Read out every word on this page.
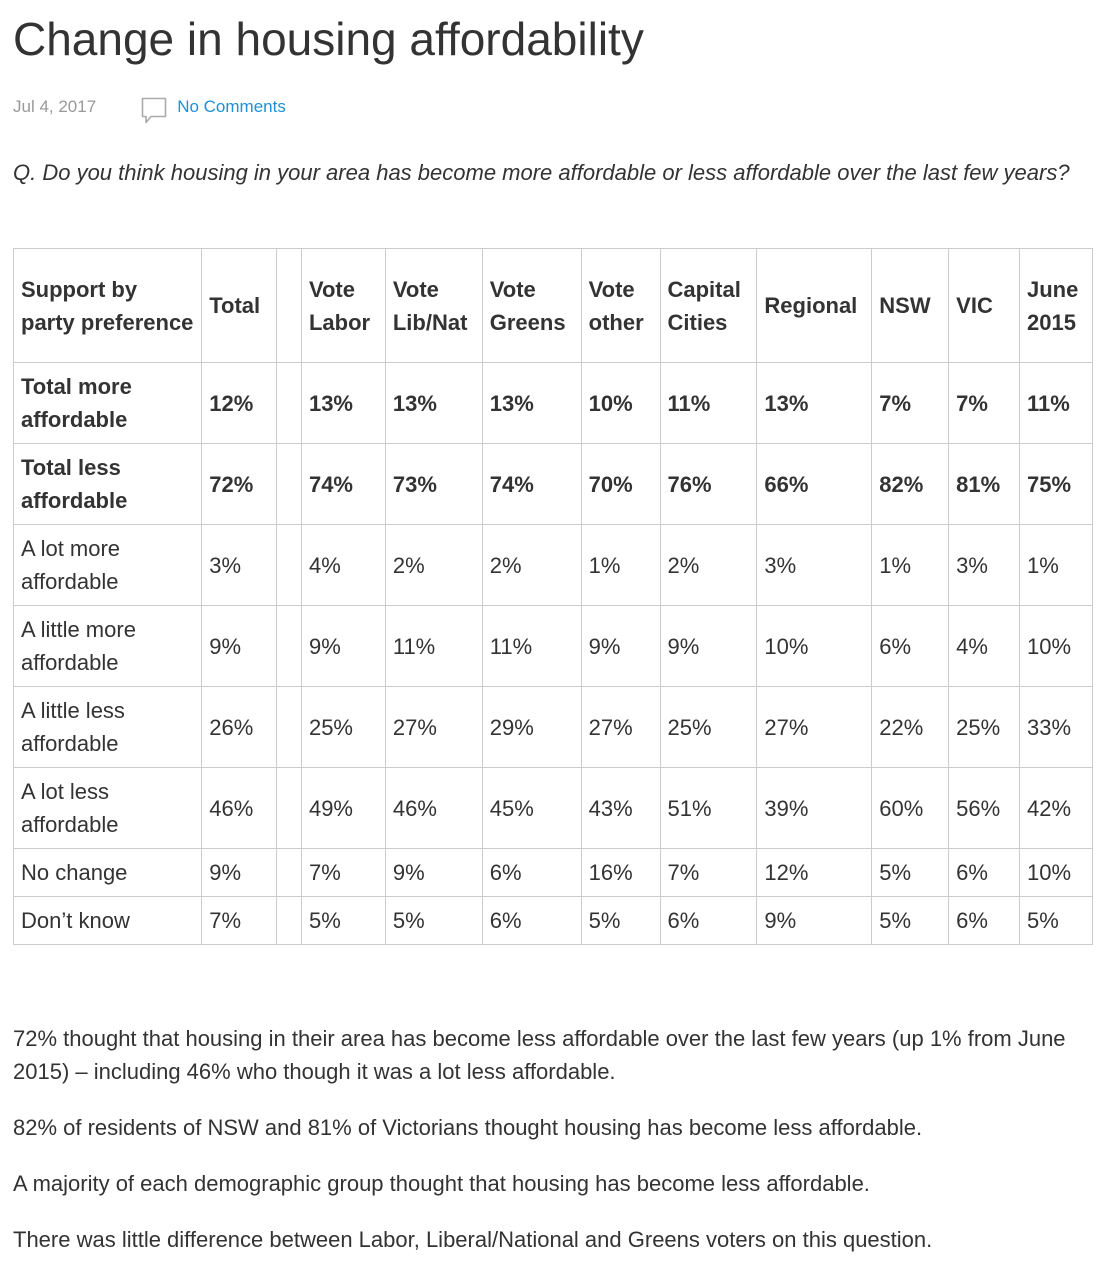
Change in housing affordability
Jul 4, 2017	No Comments

Q. Do you think housing in your area has become more affordable or less affordable over the last few years?

Support by party preference	Total		Vote Labor	Vote Lib/Nat	Vote Greens	Vote other	Capital Cities	Regional	NSW	VIC	June 2015
Total more affordable	12%		13%	13%	13%	10%	11%	13%	7%	7%	11%
Total less affordable	72%		74%	73%	74%	70%	76%	66%	82%	81%	75%
A lot more affordable	3%		4%	2%	2%	1%	2%	3%	1%	3%	1%
A little more affordable	9%		9%	11%	11%	9%	9%	10%	6%	4%	10%
A little less affordable	26%		25%	27%	29%	27%	25%	27%	22%	25%	33%
A lot less affordable	46%		49%	46%	45%	43%	51%	39%	60%	56%	42%
No change	9%		7%	9%	6%	16%	7%	12%	5%	6%	10%
Don’t know	7%		5%	5%	6%	5%	6%	9%	5%	6%	5%

72% thought that housing in their area has become less affordable over the last few years (up 1% from June 2015) – including 46% who though it was a lot less affordable.

82% of residents of NSW and 81% of Victorians thought housing has become less affordable.

A majority of each demographic group thought that housing has become less affordable.

There was little difference between Labor, Liberal/National and Greens voters on this question.
